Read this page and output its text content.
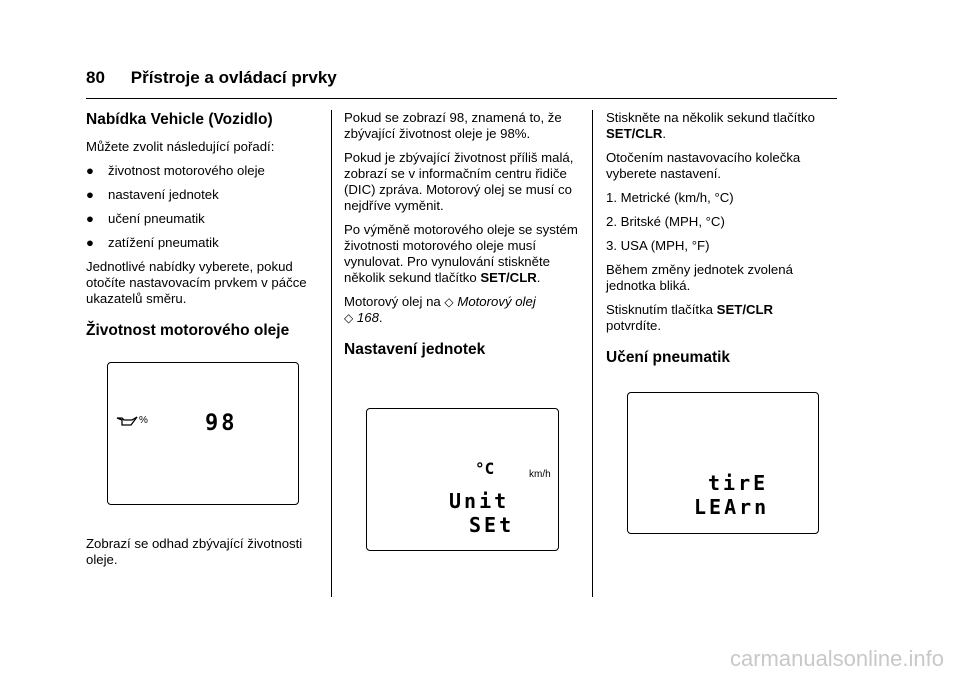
80 Přístroje a ovládací prvky
Nabídka Vehicle (Vozidlo)

Můžete zvolit následující pořadí:

●	životnost motorového oleje
●	nastavení jednotek
●	učení pneumatik
●	zatížení pneumatik

Jednotlivé nabídky vyberete, pokud otočíte nastavovacím prvkem v páčce ukazatelů směru.

Životnost motorového oleje
%	98

Zobrazí se odhad zbývající životnosti oleje.

Pokud se zobrazí 98, znamená to, že zbývající životnost oleje je 98%.

Pokud je zbývající životnost příliš malá, zobrazí se v informačním centru řidiče (DIC) zpráva. Motorový olej se musí co nejdříve vyměnit.

Po výměně motorového oleje se systém životnosti motorového oleje musí vynulovat. Pro vynulování stiskněte několik sekund tlačítko SET/CLR.

Motorový olej na ◇ Motorový olej
◇ 168.

Nastavení jednotek
°C	km/h
Unit
SEt

Stiskněte na několik sekund tlačítko SET/CLR.

Otočením nastavovacího kolečka vyberete nastavení.

1. Metrické (km/h, °C)

2. Britské (MPH, °C)

3. USA (MPH, °F)

Během změny jednotek zvolená jednotka bliká.

Stisknutím tlačítka SET/CLR
potvrdíte.

Učení pneumatik
tirE
LEArn
carmanualsonline.info
